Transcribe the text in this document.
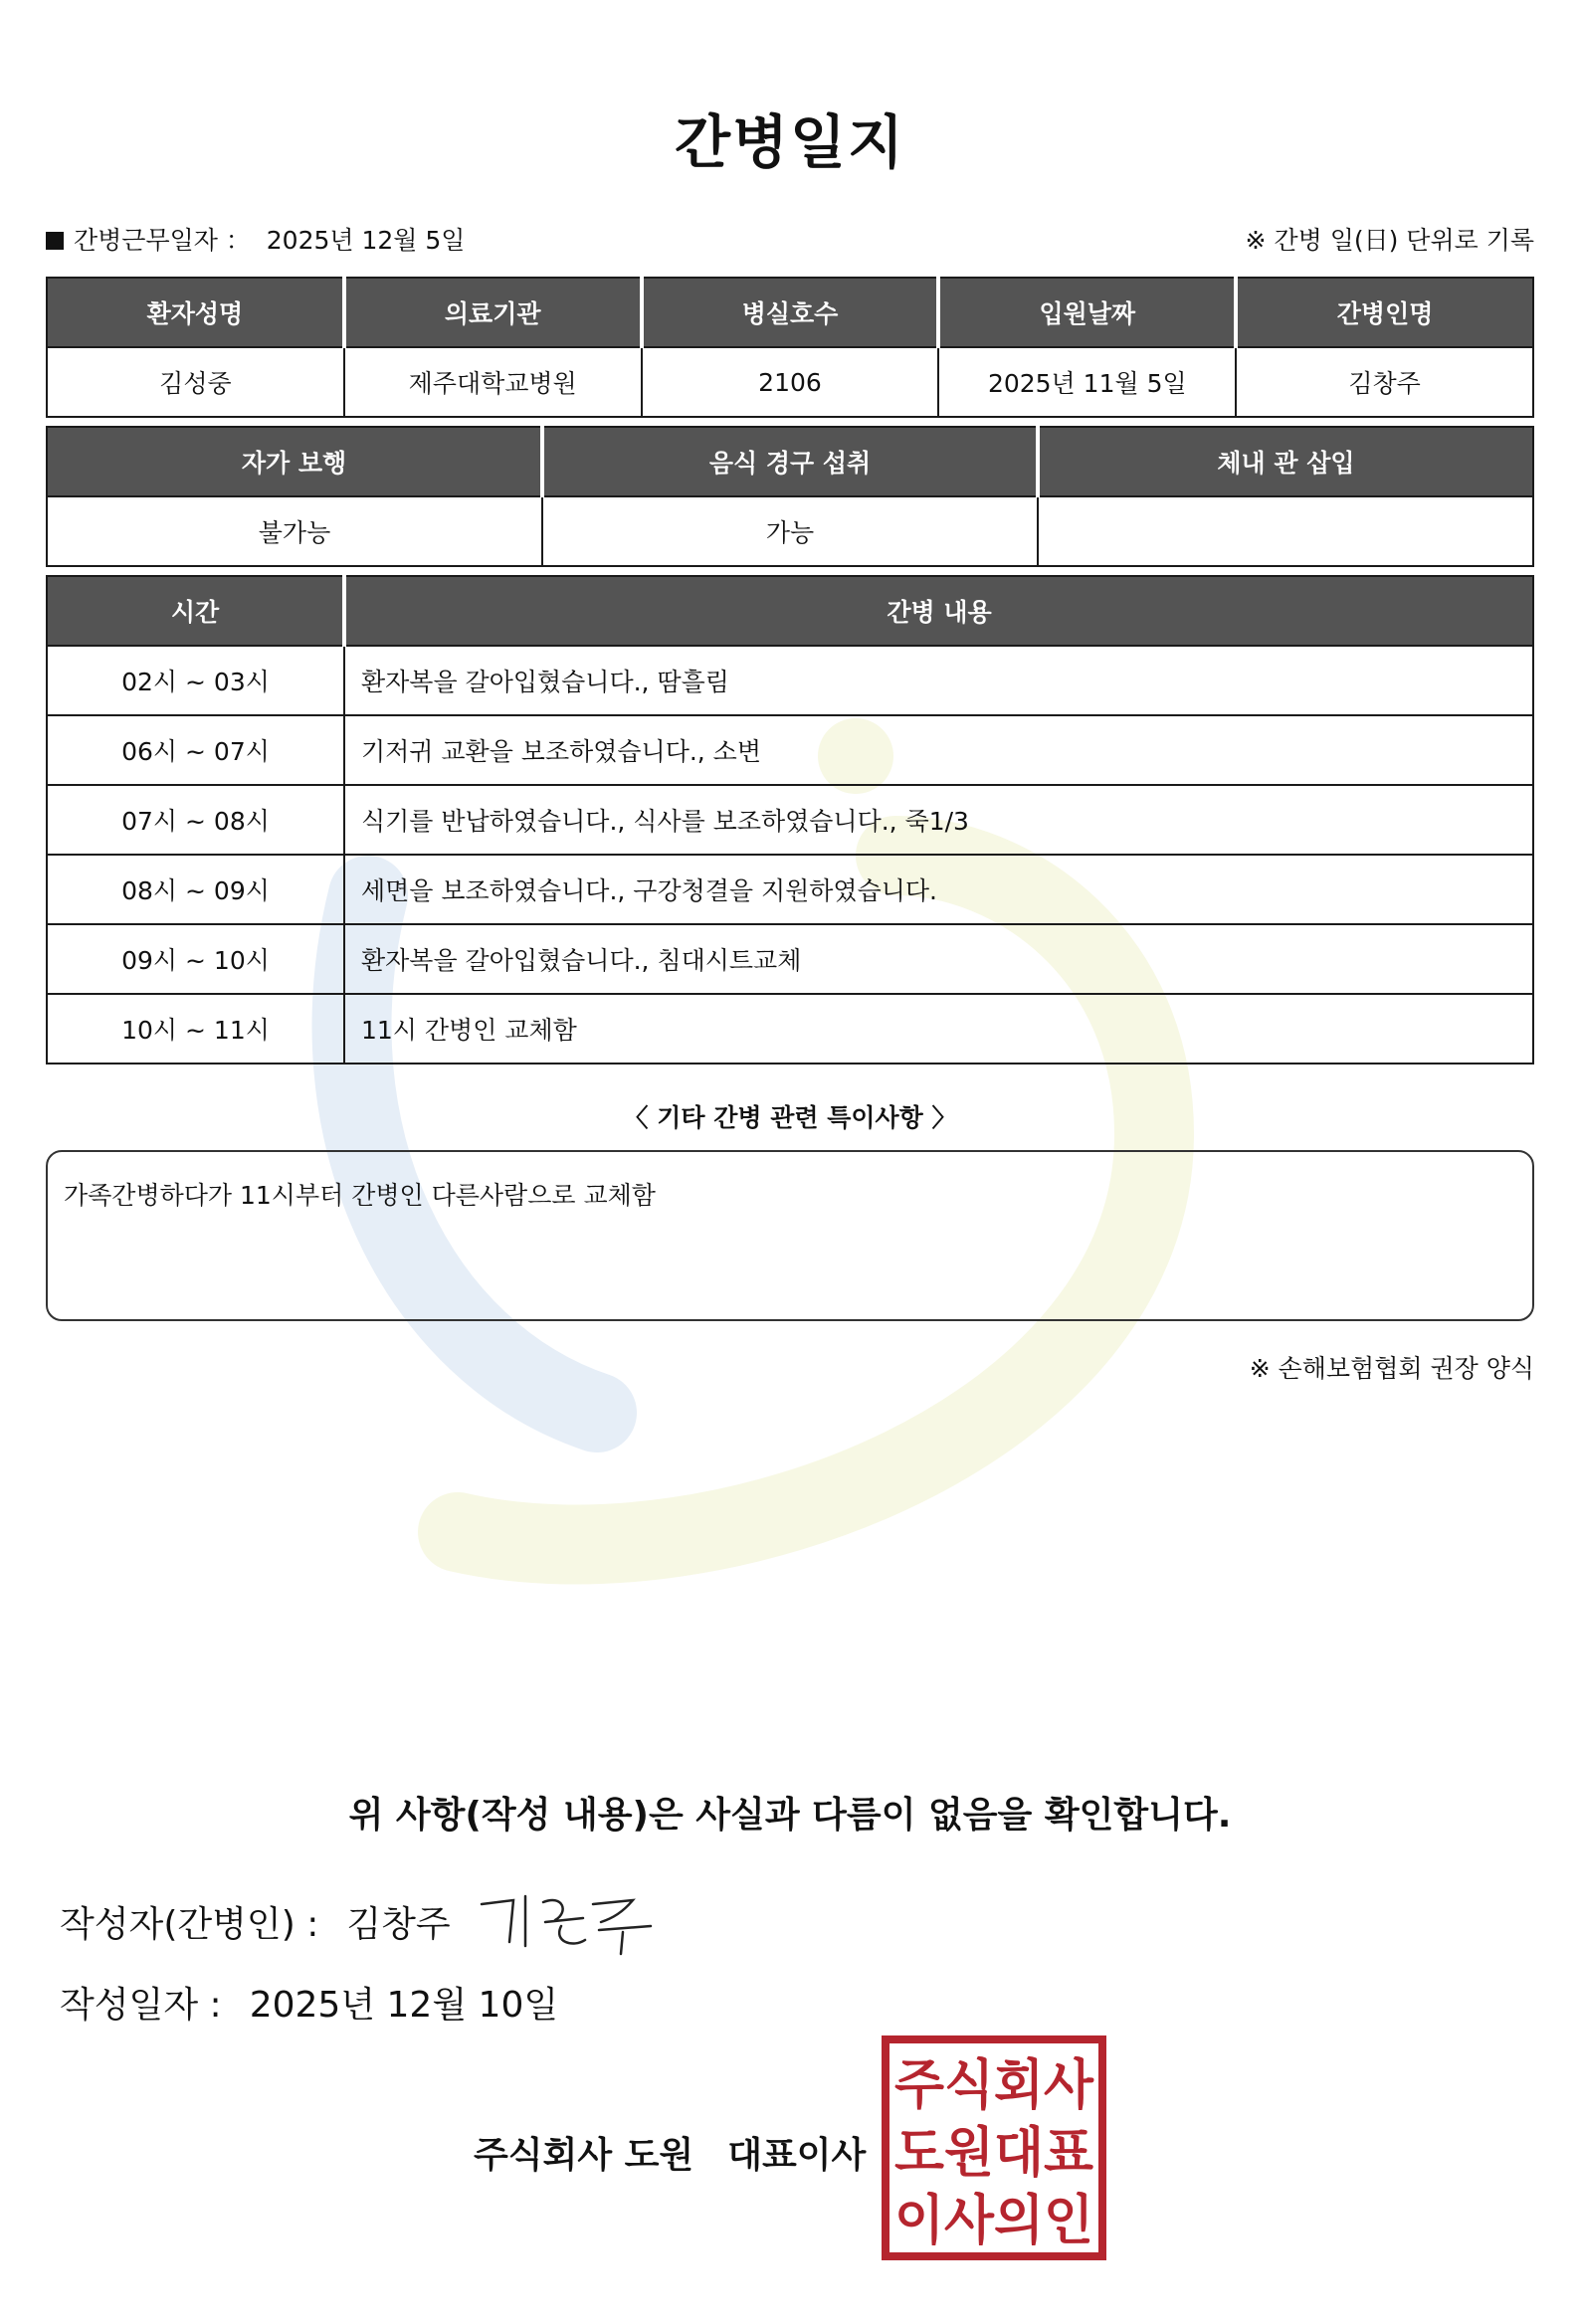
간병일지
간병근무일자 ： 2025년 12월 5일	※ 간병 일(日) 단위로 기록
환자성명	의료기관	병실호수	입원날짜	간병인명
김성중	제주대학교병원	2106	2025년 11월 5일	김창주
자가 보행	음식 경구 섭취	체내 관 삽입
불가능	가능	
시간	간병 내용
02시 ~ 03시	환자복을 갈아입혔습니다., 땀흘림
06시 ~ 07시	기저귀 교환을 보조하였습니다., 소변
07시 ~ 08시	식기를 반납하였습니다., 식사를 보조하였습니다., 죽1/3
08시 ~ 09시	세면을 보조하였습니다., 구강청결을 지원하였습니다.
09시 ~ 10시	환자복을 갈아입혔습니다., 침대시트교체
10시 ~ 11시	11시 간병인 교체함
〈 기타 간병 관련 특이사항 〉
가족간병하다가 11시부터 간병인 다른사람으로 교체함
※ 손해보험협회 권장 양식
위 사항(작성 내용)은 사실과 다름이 없음을 확인합니다.
작성자(간병인) : 김창주
작성일자 : 2025년 12월 10일
주식회사 도원 대표이사
주식회사
도원대표
이사의인
